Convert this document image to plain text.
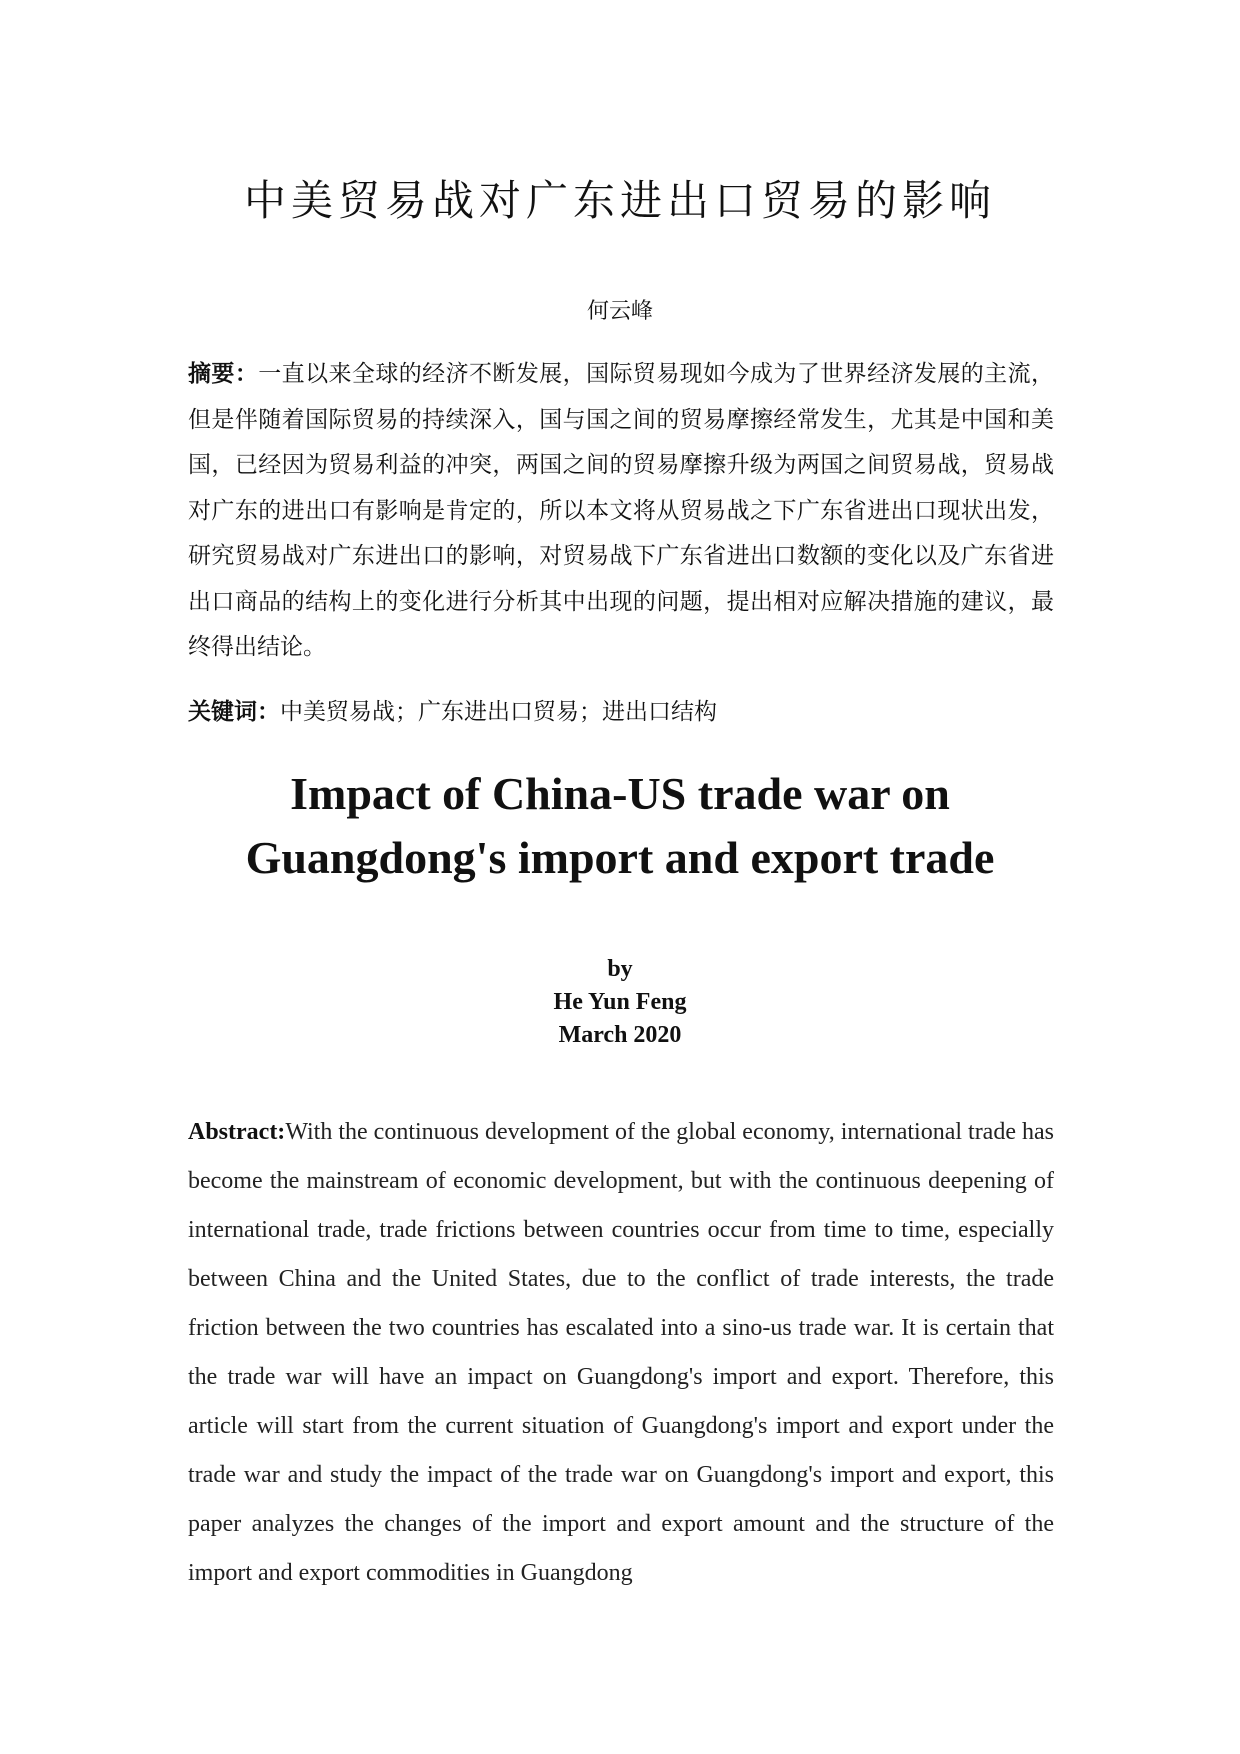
中美贸易战对广东进出口贸易的影响

何云峰

摘要：一直以来全球的经济不断发展，国际贸易现如今成为了世界经济发展的主流，但是伴随着国际贸易的持续深入，国与国之间的贸易摩擦经常发生，尤其是中国和美国，已经因为贸易利益的冲突，两国之间的贸易摩擦升级为两国之间贸易战，贸易战对广东的进出口有影响是肯定的，所以本文将从贸易战之下广东省进出口现状出发，研究贸易战对广东进出口的影响，对贸易战下广东省进出口数额的变化以及广东省进出口商品的结构上的变化进行分析其中出现的问题，提出相对应解决措施的建议，最终得出结论。

关键词：中美贸易战；广东进出口贸易；进出口结构

Impact of China-US trade war on Guangdong's import and export trade

by

He Yun Feng

March 2020

Abstract:With the continuous development of the global economy, international trade has become the mainstream of economic development, but with the continuous deepening of international trade, trade frictions between countries occur from time to time, especially between China and the United States, due to the conflict of trade interests, the trade friction between the two countries has escalated into a sino-us trade war. It is certain that the trade war will have an impact on Guangdong's import and export. Therefore, this article will start from the current situation of Guangdong's import and export under the trade war and study the impact of the trade war on Guangdong's import and export, this paper analyzes the changes of the import and export amount and the structure of the import and export commodities in Guangdong
